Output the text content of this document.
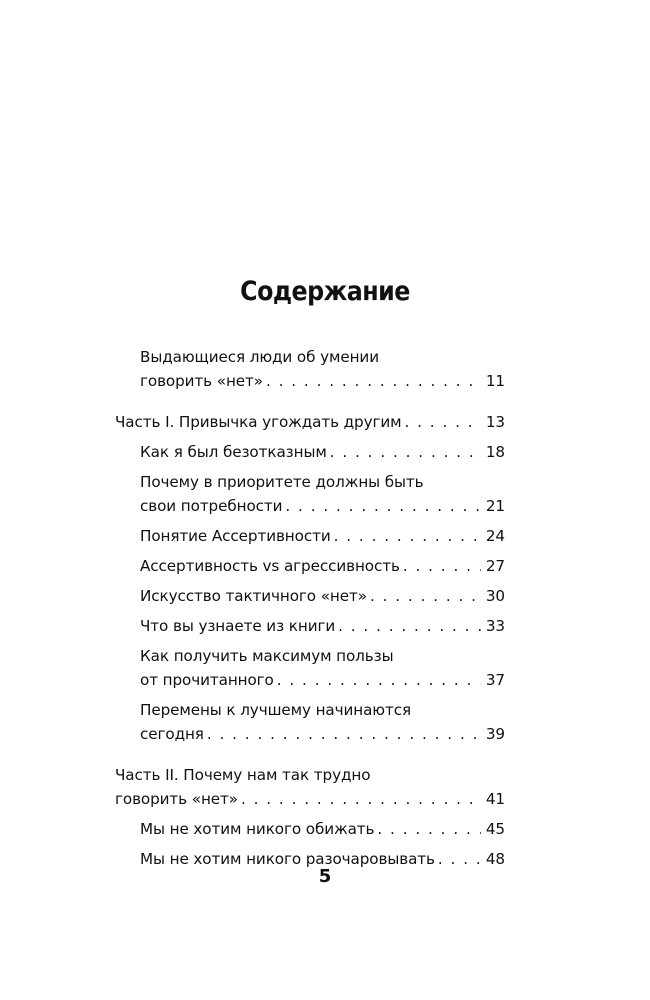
Содержание
Выдающиеся люди об умении
говорить «нет» . . .	11
Часть I. Привычка угождать другим . . .	13
Как я был безотказным . . .	18
Почему в приоритете должны быть
свои потребности . . .	21
Понятие Ассертивности . . .	24
Ассертивность vs агрессивность . . .	27
Искусство тактичного «нет» . . .	30
Что вы узнаете из книги . . .	33
Как получить максимум пользы
от прочитанного . . .	37
Перемены к лучшему начинаются
сегодня . . .	39
Часть II. Почему нам так трудно
говорить «нет» . . .	41
Мы не хотим никого обижать . . .	45
Мы не хотим никого разочаровывать . . .	48
5
